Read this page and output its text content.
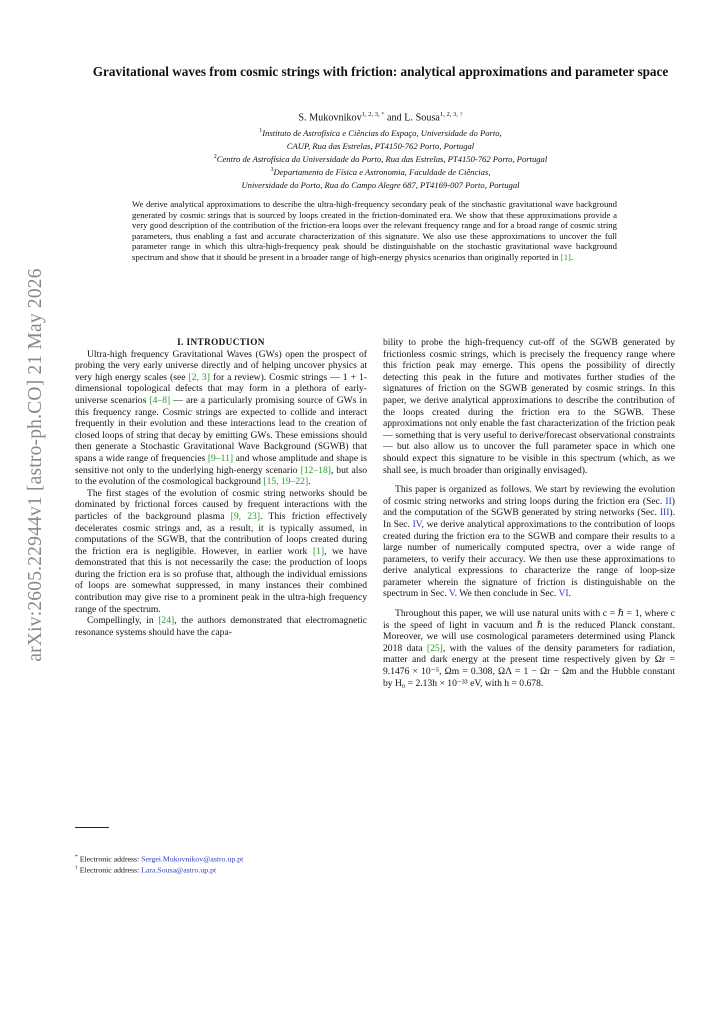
arXiv:2605.22944v1 [astro-ph.CO] 21 May 2026
Gravitational waves from cosmic strings with friction: analytical approximations and parameter space
S. Mukovnikov$^{1, 2, 3,}$ * and L. Sousa$^{1, 2, 3,}$ †
$^1$Instituto de Astrofísica e Ciências do Espaço, Universidade do Porto,
CAUP, Rua das Estrelas, PT4150-762 Porto, Portugal
$^2$Centro de Astrofísica da Universidade do Porto, Rua das Estrelas, PT4150-762 Porto, Portugal
$^3$Departamento de Física e Astronomia, Faculdade de Ciências,
Universidade do Porto, Rua do Campo Alegre 687, PT4169-007 Porto, Portugal
We derive analytical approximations to describe the ultra-high-frequency secondary peak of the stochastic gravitational wave background generated by cosmic strings that is sourced by loops created in the friction-dominated era. We show that these approximations provide a very good description of the contribution of the friction-era loops over the relevant frequency range and for a broad range of cosmic string parameters, thus enabling a fast and accurate characterization of this signature. We also use these approximations to uncover the full parameter range in which this ultra-high-frequency peak should be distinguishable on the stochastic gravitational wave background spectrum and show that it should be present in a broader range of high-energy physics scenarios than originally reported in [1].

I. INTRODUCTION

Ultra-high frequency Gravitational Waves (GWs) open the prospect of probing the very early universe directly and of helping uncover physics at very high energy scales (see [2, 3] for a review). Cosmic strings — 1 + 1-dimensional topological defects that may form in a plethora of early-universe scenarios [4–8] — are a particularly promising source of GWs in this frequency range. Cosmic strings are expected to collide and interact frequently in their evolution and these interactions lead to the creation of closed loops of string that decay by emitting GWs. These emissions should then generate a Stochastic Gravitational Wave Background (SGWB) that spans a wide range of frequencies [9–11] and whose amplitude and shape is sensitive not only to the underlying high-energy scenario [12–18], but also to the evolution of the cosmological background [15, 19–22].

The first stages of the evolution of cosmic string networks should be dominated by frictional forces caused by frequent interactions with the particles of the background plasma [9, 23]. This friction effectively decelerates cosmic strings and, as a result, it is typically assumed, in computations of the SGWB, that the contribution of loops created during the friction era is negligible. However, in earlier work [1], we have demonstrated that this is not necessarily the case: the production of loops during the friction era is so profuse that, although the individual emissions of loops are somewhat suppressed, in many instances their combined contribution may give rise to a prominent peak in the ultra-high frequency range of the spectrum.

Compellingly, in [24], the authors demonstrated that electromagnetic resonance systems should have the capa-

bility to probe the high-frequency cut-off of the SGWB generated by frictionless cosmic strings, which is precisely the frequency range where this friction peak may emerge. This opens the possibility of directly detecting this peak in the future and motivates further studies of the signatures of friction on the SGWB generated by cosmic strings. In this paper, we derive analytical approximations to describe the contribution of the loops created during the friction era to the SGWB. These approximations not only enable the fast characterization of the friction peak — something that is very useful to derive/forecast observational constraints — but also allow us to uncover the full parameter space in which one should expect this signature to be visible in this spectrum (which, as we shall see, is much broader than originally envisaged).

This paper is organized as follows. We start by reviewing the evolution of cosmic string networks and string loops during the friction era (Sec. II) and the computation of the SGWB generated by string networks (Sec. III). In Sec. IV, we derive analytical approximations to the contribution of loops created during the friction era to the SGWB and compare their results to a large number of numerically computed spectra, over a wide range of parameters, to verify their accuracy. We then use these approximations to derive analytical expressions to characterize the range of loop-size parameter wherein the signature of friction is distinguishable on the spectrum in Sec. V. We then conclude in Sec. VI.

Throughout this paper, we will use natural units with c = ℏ = 1, where c is the speed of light in vacuum and ℏ is the reduced Planck constant. Moreover, we will use cosmological parameters determined using Planck 2018 data [25], with the values of the density parameters for radiation, matter and dark energy at the present time respectively given by Ωr = 9.1476 × 10⁻⁵, Ωm = 0.308, ΩΛ = 1 − Ωr − Ωm and the Hubble constant by H₀ = 2.13h × 10⁻³³ eV, with h = 0.678.

* Electronic address: Sergei.Mukovnikov@astro.up.pt
† Electronic address: Lara.Sousa@astro.up.pt
